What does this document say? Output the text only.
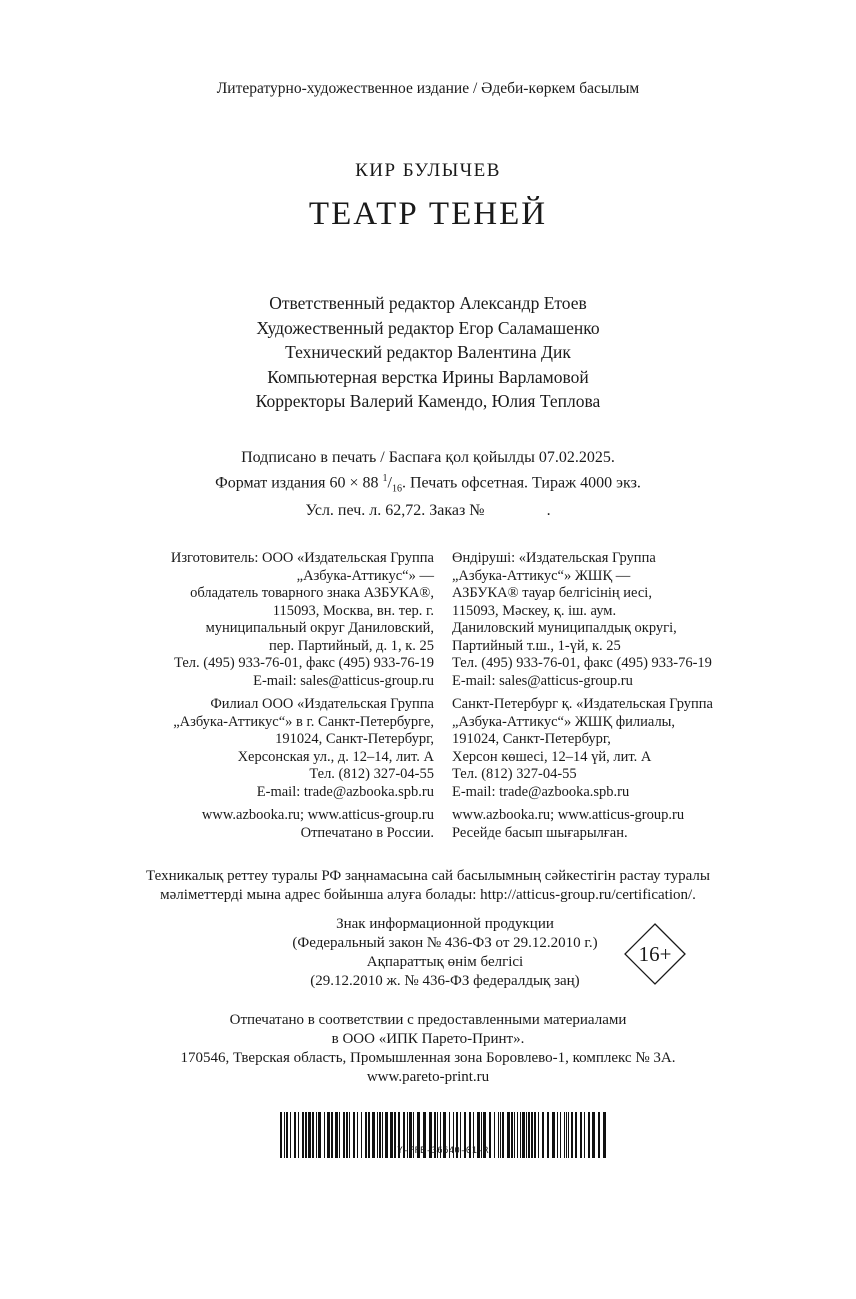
Литературно-художественное издание / Әдеби-көркем басылым
КИР БУЛЫЧЕВ
ТЕАТР ТЕНЕЙ
Ответственный редактор Александр Етоев
Художественный редактор Егор Саламашенко
Технический редактор Валентина Дик
Компьютерная верстка Ирины Варламовой
Корректоры Валерий Камендо, Юлия Теплова
Подписано в печать / Баспаға қол қойылды 07.02.2025.
Формат издания 60 × 88 $^1/_{16}$. Печать офсетная. Тираж 4000 экз.
Усл. печ. л. 62,72. Заказ №	.
Изготовитель: ООО «Издательская Группа
„Азбука-Аттикус“» —
обладатель товарного знака АЗБУКА®,
115093, Москва, вн. тер. г.
муниципальный округ Даниловский,
пер. Партийный, д. 1, к. 25
Тел. (495) 933-76-01, факс (495) 933-76-19
E-mail: sales@atticus-group.ru
Филиал ООО «Издательская Группа
„Азбука-Аттикус“» в г. Санкт-Петербурге,
191024, Санкт-Петербург,
Херсонская ул., д. 12–14, лит. А
Тел. (812) 327-04-55
E-mail: trade@azbooka.spb.ru
www.azbooka.ru; www.atticus-group.ru
Отпечатано в России.
Өндіруші: «Издательская Группа
„Азбука-Аттикус“» ЖШҚ —
АЗБУКА® тауар белгісінің иесі,
115093, Мәскеу, қ. іш. аум.
Даниловский муниципалдық округі,
Партийный т.ш., 1-үй, к. 25
Тел. (495) 933-76-01, факс (495) 933-76-19
E-mail: sales@atticus-group.ru
Санкт-Петербург қ. «Издательская Группа
„Азбука-Аттикус“» ЖШҚ филиалы,
191024, Санкт-Петербург,
Херсон көшесі, 12–14 үй, лит. А
Тел. (812) 327-04-55
E-mail: trade@azbooka.spb.ru
www.azbooka.ru; www.atticus-group.ru
Ресейде басып шығарылған.
Техникалық реттеу туралы РФ заңнамасына сай басылымның сәйкестігін растау туралы
мәліметтерді мына адрес бойынша алуға болады: http://atticus-group.ru/certification/.
Знак информационной продукции
(Федеральный закон № 436-ФЗ от 29.12.2010 г.)
Ақпараттық өнім белгісі
(29.12.2010 ж. № 436-ФЗ федералдық заң)
16+
Отпечатано в соответствии с предоставленными материалами
в ООО «ИПК Парето-Принт».
170546, Тверская область, Промышленная зона Боровлево-1, комплекс № 3А.
www.pareto-print.ru
Y-FFB-36640-01-R
